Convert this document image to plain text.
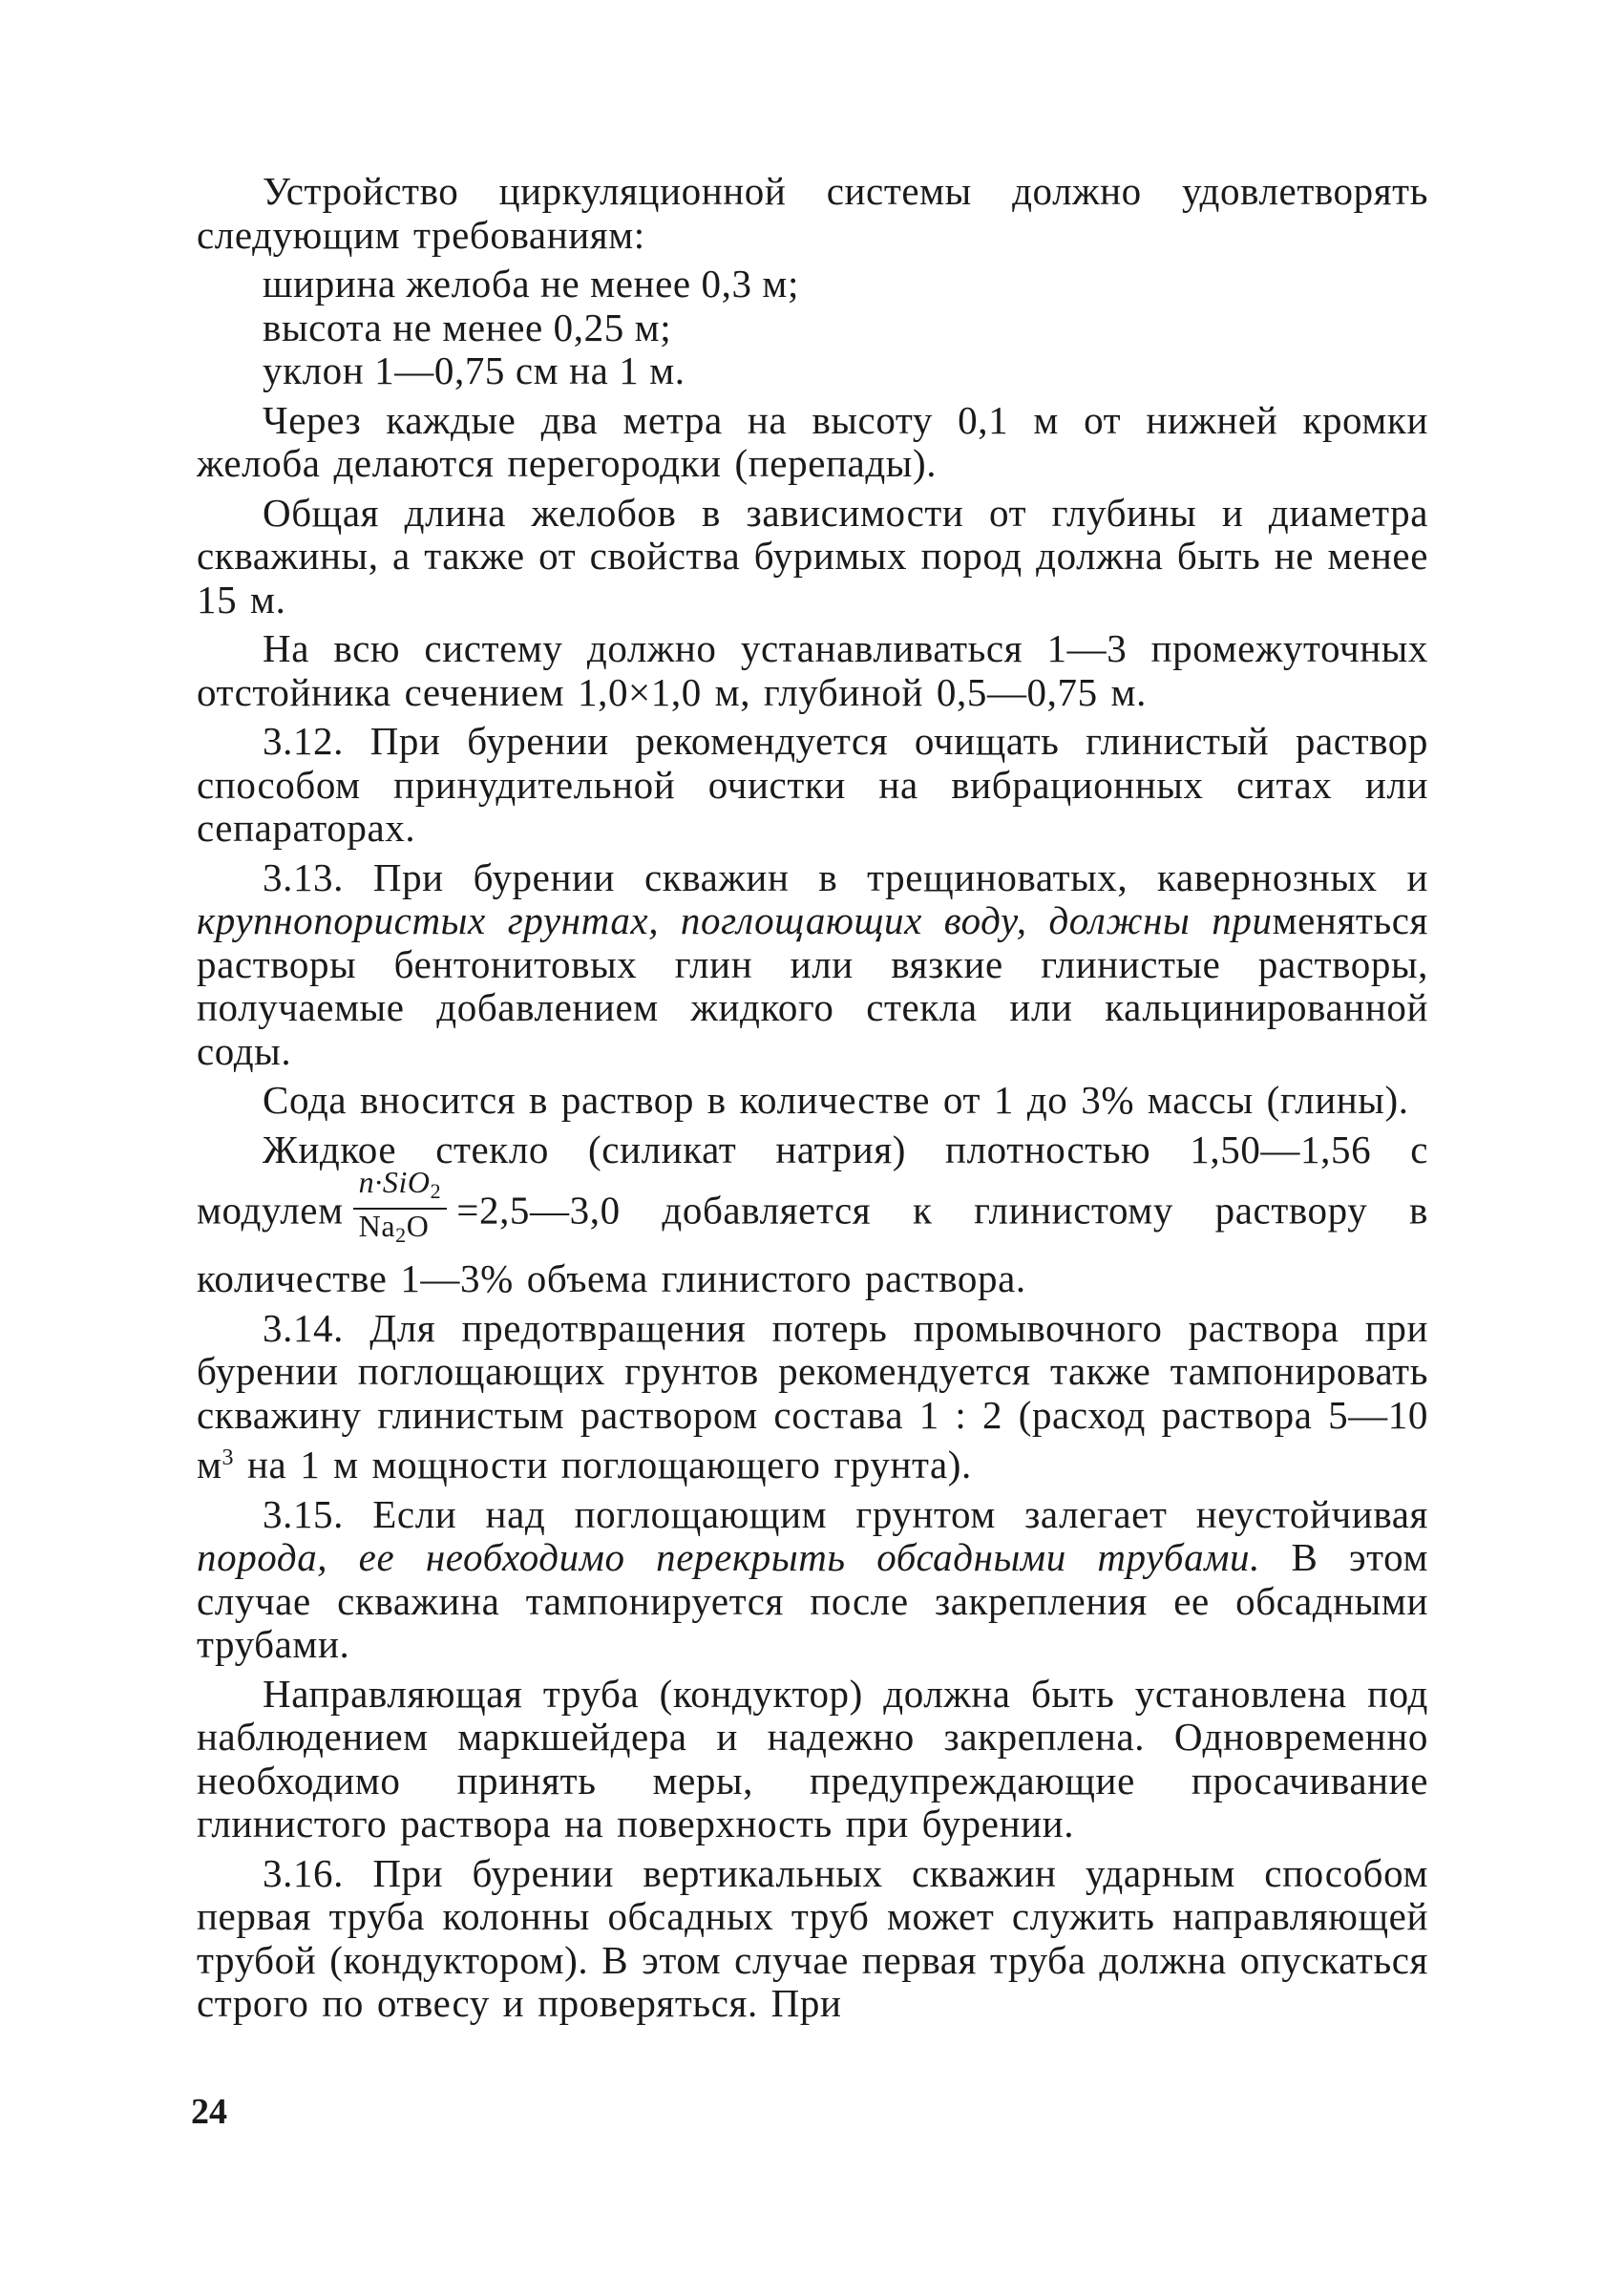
Устройство циркуляционной системы должно удовлетворять следующим требованиям:

ширина желоба не менее 0,3 м;

высота не менее 0,25 м;

уклон 1—0,75 см на 1 м.

Через каждые два метра на высоту 0,1 м от нижней кромки желоба делаются перегородки (перепады).

Общая длина желобов в зависимости от глубины и диаметра скважины, а также от свойства буримых пород должна быть не менее 15 м.

На всю систему должно устанавливаться 1—3 промежуточных отстойника сечением 1,0×1,0 м, глубиной 0,5—0,75 м.

3.12. При бурении рекомендуется очищать глинистый раствор способом принудительной очистки на вибрационных ситах или сепараторах.

3.13. При бурении скважин в трещиноватых, кавернозных и крупнопористых грунтах, поглощающих воду, должны применяться растворы бентонитовых глин или вязкие глинистые растворы, получаемые добавлением жидкого стекла или кальцинированной соды.

Сода вносится в раствор в количестве от 1 до 3% массы (глины).

Жидкое стекло (силикат натрия) плотностью 1,50—1,56 с модулем $\frac{n\cdot SiO_2}{Na_2O}$ =2,5—3,0 добавляется к глинистому раствору в количестве 1—3% объема глинистого раствора.

3.14. Для предотвращения потерь промывочного раствора при бурении поглощающих грунтов рекомендуется также тампонировать скважину глинистым раствором состава 1 : 2 (расход раствора 5—10 $м^3$ на 1 м мощности поглощающего грунта).

3.15. Если над поглощающим грунтом залегает неустойчивая порода, ее необходимо перекрыть обсадными трубами. В этом случае скважина тампонируется после закрепления ее обсадными трубами.

Направляющая труба (кондуктор) должна быть установлена под наблюдением маркшейдера и надежно закреплена. Одновременно необходимо принять меры, предупреждающие просачивание глинистого раствора на поверхность при бурении.

3.16. При бурении вертикальных скважин ударным способом первая труба колонны обсадных труб может служить направляющей трубой (кондуктором). В этом случае первая труба должна опускаться строго по отвесу и проверяться. При

24
